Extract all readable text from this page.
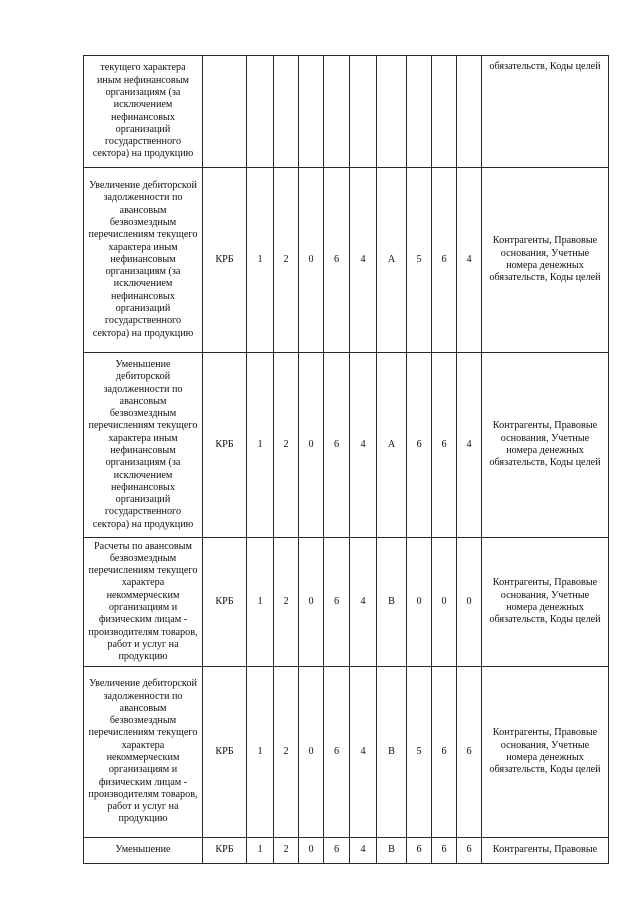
текущего характера иным нефинансовым организациям (за исключением нефинансовых организаций государственного сектора) на продукцию											обязательств, Коды целей
Увеличение дебиторской задолженности по авансовым безвозмездным перечислениям текущего характера иным нефинансовым организациям (за исключением нефинансовых организаций государственного сектора) на продукцию	КРБ	1	2	0	6	4	A	5	6	4	Контрагенты, Правовые основания, Учетные номера денежных обязательств, Коды целей
Уменьшение дебиторской задолженности по авансовым безвозмездным перечислениям текущего характера иным нефинансовым организациям (за исключением нефинансовых организаций государственного сектора) на продукцию	КРБ	1	2	0	6	4	A	6	6	4	Контрагенты, Правовые основания, Учетные номера денежных обязательств, Коды целей
Расчеты по авансовым безвозмездным перечислениям текущего характера некоммерческим организациям и физическим лицам - производителям товаров, работ и услуг на продукцию	КРБ	1	2	0	6	4	B	0	0	0	Контрагенты, Правовые основания, Учетные номера денежных обязательств, Коды целей
Увеличение дебиторской задолженности по авансовым безвозмездным перечислениям текущего характера некоммерческим организациям и физическим лицам - производителям товаров, работ и услуг на продукцию	КРБ	1	2	0	6	4	B	5	6	6	Контрагенты, Правовые основания, Учетные номера денежных обязательств, Коды целей
Уменьшение	КРБ	1	2	0	6	4	B	6	6	6	Контрагенты, Правовые
